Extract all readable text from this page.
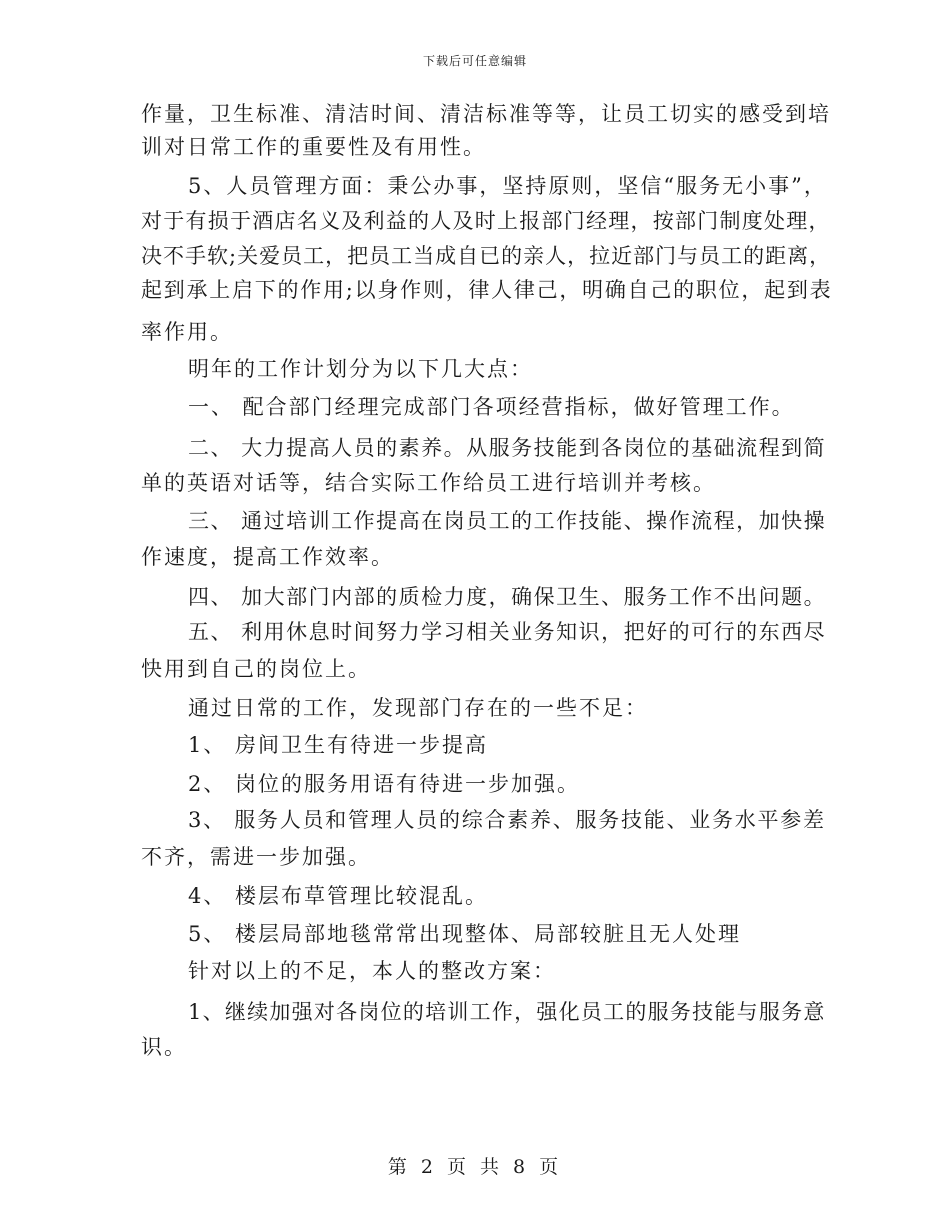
下载后可任意编辑
作量，卫生标准、清洁时间、清洁标准等等，让员工切实的感受到培
训对日常工作的重要性及有用性。
5、人员管理方面：秉公办事，坚持原则，坚信“服务无小事”，
对于有损于酒店名义及利益的人及时上报部门经理，按部门制度处理，
决不手软;关爱员工，把员工当成自已的亲人，拉近部门与员工的距离，
起到承上启下的作用;以身作则，律人律己，明确自己的职位，起到表
率作用。
明年的工作计划分为以下几大点：
一、 配合部门经理完成部门各项经营指标，做好管理工作。
二、 大力提高人员的素养。从服务技能到各岗位的基础流程到简
单的英语对话等，结合实际工作给员工进行培训并考核。
三、 通过培训工作提高在岗员工的工作技能、操作流程，加快操
作速度，提高工作效率。
四、 加大部门内部的质检力度，确保卫生、服务工作不出问题。
五、 利用休息时间努力学习相关业务知识，把好的可行的东西尽
快用到自己的岗位上。
通过日常的工作，发现部门存在的一些不足：
1、 房间卫生有待进一步提高
2、 岗位的服务用语有待进一步加强。
3、 服务人员和管理人员的综合素养、服务技能、业务水平参差
不齐，需进一步加强。
4、 楼层布草管理比较混乱。
5、 楼层局部地毯常常出现整体、局部较脏且无人处理
针对以上的不足，本人的整改方案：
1、继续加强对各岗位的培训工作，强化员工的服务技能与服务意
识。
第 2 页 共 8 页
